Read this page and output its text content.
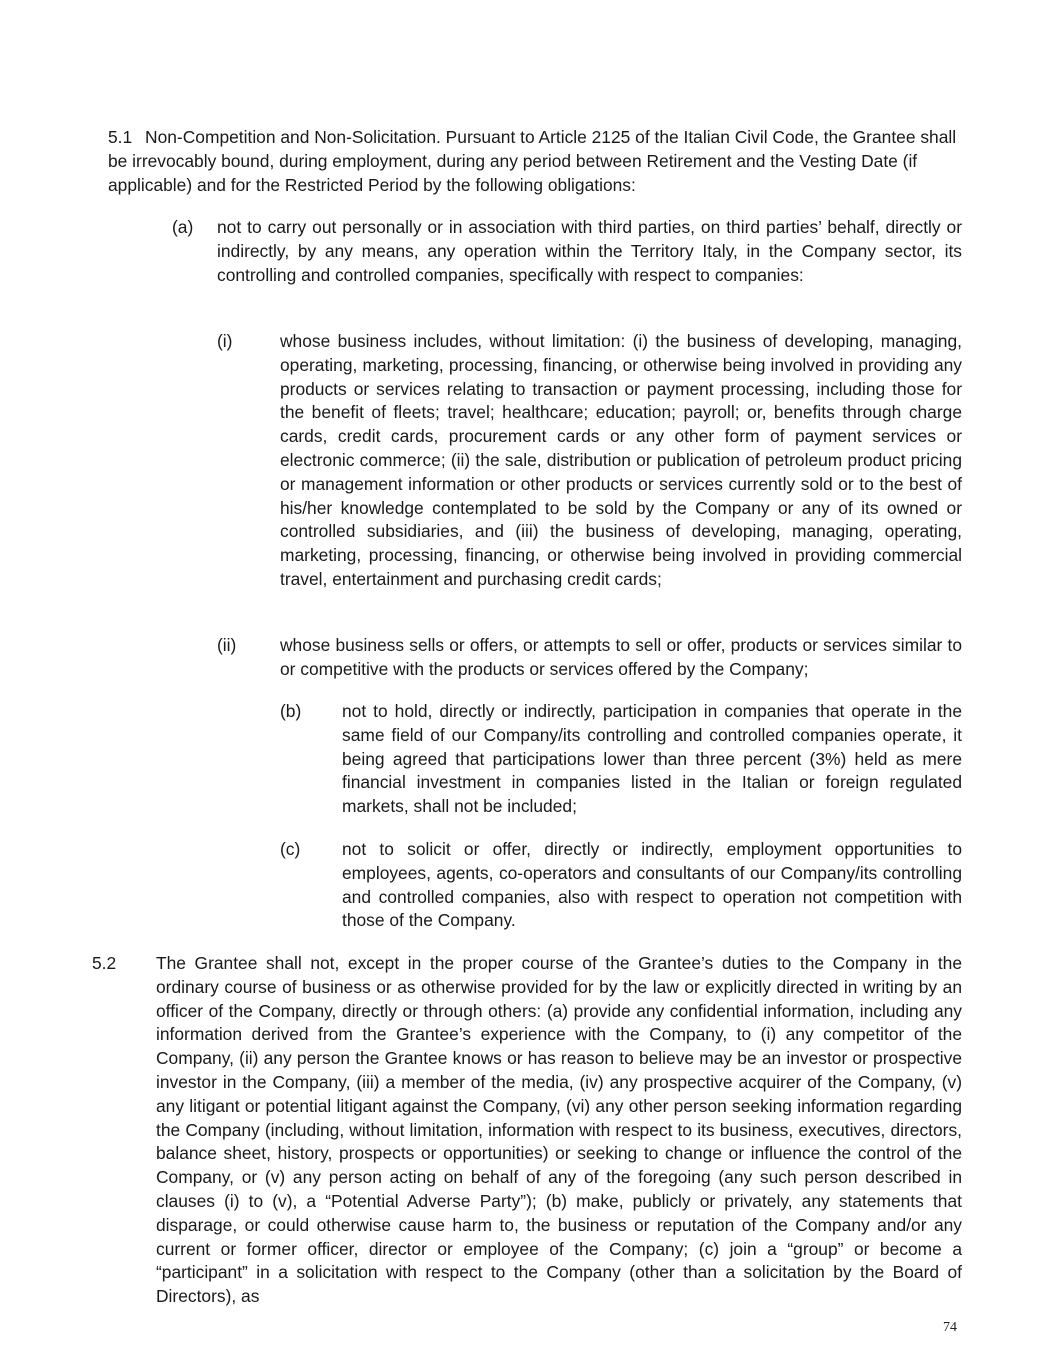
5.1 Non-Competition and Non-Solicitation. Pursuant to Article 2125 of the Italian Civil Code, the Grantee shall be irrevocably bound, during employment, during any period between Retirement and the Vesting Date (if applicable) and for the Restricted Period by the following obligations:

(a) not to carry out personally or in association with third parties, on third parties’ behalf, directly or indirectly, by any means, any operation within the Territory Italy, in the Company sector, its controlling and controlled companies, specifically with respect to companies:

(i)	whose business includes, without limitation: (i) the business of developing, managing, operating, marketing, processing, financing, or otherwise being involved in providing any products or services relating to transaction or payment processing, including those for the benefit of fleets; travel; healthcare; education; payroll; or, benefits through charge cards, credit cards, procurement cards or any other form of payment services or electronic commerce; (ii) the sale, distribution or publication of petroleum product pricing or management information or other products or services currently sold or to the best of his/her knowledge contemplated to be sold by the Company or any of its owned or controlled subsidiaries, and (iii) the business of developing, managing, operating, marketing, processing, financing, or otherwise being involved in providing commercial travel, entertainment and purchasing credit cards;

(ii)	whose business sells or offers, or attempts to sell or offer, products or services similar to or competitive with the products or services offered by the Company;

(b) not to hold, directly or indirectly, participation in companies that operate in the same field of our Company/its controlling and controlled companies operate, it being agreed that participations lower than three percent (3%) held as mere financial investment in companies listed in the Italian or foreign regulated markets, shall not be included;

(c) not to solicit or offer, directly or indirectly, employment opportunities to employees, agents, co-operators and consultants of our Company/its controlling and controlled companies, also with respect to operation not competition with those of the Company.

5.2 The Grantee shall not, except in the proper course of the Grantee’s duties to the Company in the ordinary course of business or as otherwise provided for by the law or explicitly directed in writing by an officer of the Company, directly or through others: (a) provide any confidential information, including any information derived from the Grantee’s experience with the Company, to (i) any competitor of the Company, (ii) any person the Grantee knows or has reason to believe may be an investor or prospective investor in the Company, (iii) a member of the media, (iv) any prospective acquirer of the Company, (v) any litigant or potential litigant against the Company, (vi) any other person seeking information regarding the Company (including, without limitation, information with respect to its business, executives, directors, balance sheet, history, prospects or opportunities) or seeking to change or influence the control of the Company, or (v) any person acting on behalf of any of the foregoing (any such person described in clauses (i) to (v), a “Potential Adverse Party”); (b) make, publicly or privately, any statements that disparage, or could otherwise cause harm to, the business or reputation of the Company and/or any current or former officer, director or employee of the Company; (c) join a “group” or become a “participant” in a solicitation with respect to the Company (other than a solicitation by the Board of Directors), as

74
